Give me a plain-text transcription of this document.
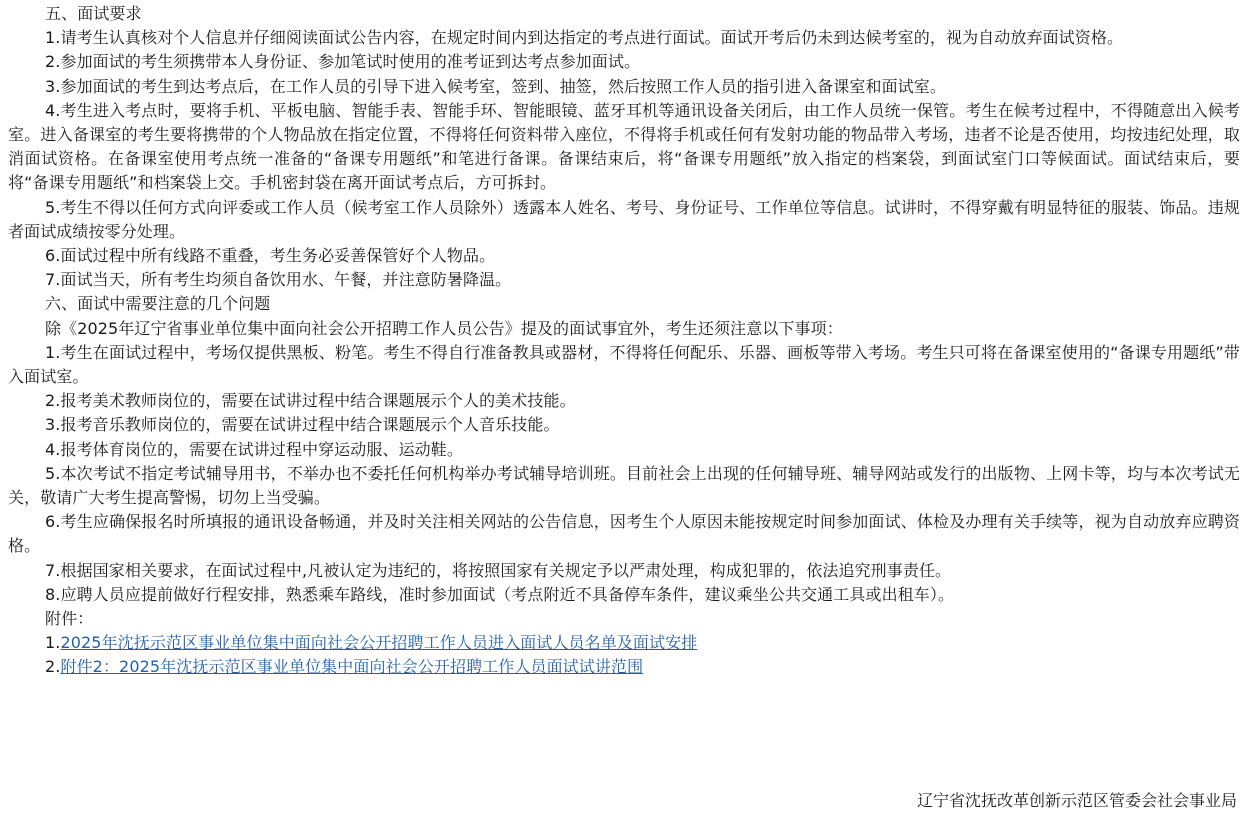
五、面试要求

1.请考生认真核对个人信息并仔细阅读面试公告内容，在规定时间内到达指定的考点进行面试。面试开考后仍未到达候考室的，视为自动放弃面试资格。

2.参加面试的考生须携带本人身份证、参加笔试时使用的准考证到达考点参加面试。

3.参加面试的考生到达考点后，在工作人员的引导下进入候考室，签到、抽签，然后按照工作人员的指引进入备课室和面试室。

4.考生进入考点时，要将手机、平板电脑、智能手表、智能手环、智能眼镜、蓝牙耳机等通讯设备关闭后，由工作人员统一保管。考生在候考过程中，不得随意出入候考室。进入备课室的考生要将携带的个人物品放在指定位置，不得将任何资料带入座位，不得将手机或任何有发射功能的物品带入考场，违者不论是否使用，均按违纪处理，取消面试资格。在备课室使用考点统一准备的“备课专用题纸”和笔进行备课。备课结束后，将“备课专用题纸”放入指定的档案袋，到面试室门口等候面试。面试结束后，要将“备课专用题纸”和档案袋上交。手机密封袋在离开面试考点后，方可拆封。

5.考生不得以任何方式向评委或工作人员（候考室工作人员除外）透露本人姓名、考号、身份证号、工作单位等信息。试讲时，不得穿戴有明显特征的服装、饰品。违规者面试成绩按零分处理。

6.面试过程中所有线路不重叠，考生务必妥善保管好个人物品。

7.面试当天，所有考生均须自备饮用水、午餐，并注意防暑降温。

六、面试中需要注意的几个问题

除《2025年辽宁省事业单位集中面向社会公开招聘工作人员公告》提及的面试事宜外，考生还须注意以下事项：

1.考生在面试过程中，考场仅提供黑板、粉笔。考生不得自行准备教具或器材，不得将任何配乐、乐器、画板等带入考场。考生只可将在备课室使用的“备课专用题纸”带入面试室。

2.报考美术教师岗位的，需要在试讲过程中结合课题展示个人的美术技能。

3.报考音乐教师岗位的，需要在试讲过程中结合课题展示个人音乐技能。

4.报考体育岗位的，需要在试讲过程中穿运动服、运动鞋。

5.本次考试不指定考试辅导用书，不举办也不委托任何机构举办考试辅导培训班。目前社会上出现的任何辅导班、辅导网站或发行的出版物、上网卡等，均与本次考试无关，敬请广大考生提高警惕，切勿上当受骗。

6.考生应确保报名时所填报的通讯设备畅通，并及时关注相关网站的公告信息，因考生个人原因未能按规定时间参加面试、体检及办理有关手续等，视为自动放弃应聘资格。

7.根据国家相关要求，在面试过程中,凡被认定为违纪的，将按照国家有关规定予以严肃处理，构成犯罪的，依法追究刑事责任。

8.应聘人员应提前做好行程安排，熟悉乘车路线，准时参加面试（考点附近不具备停车条件，建议乘坐公共交通工具或出租车）。

附件：

1.2025年沈抚示范区事业单位集中面向社会公开招聘工作人员进入面试人员名单及面试安排

2.附件2：2025年沈抚示范区事业单位集中面向社会公开招聘工作人员面试试讲范围

辽宁省沈抚改革创新示范区管委会社会事业局
